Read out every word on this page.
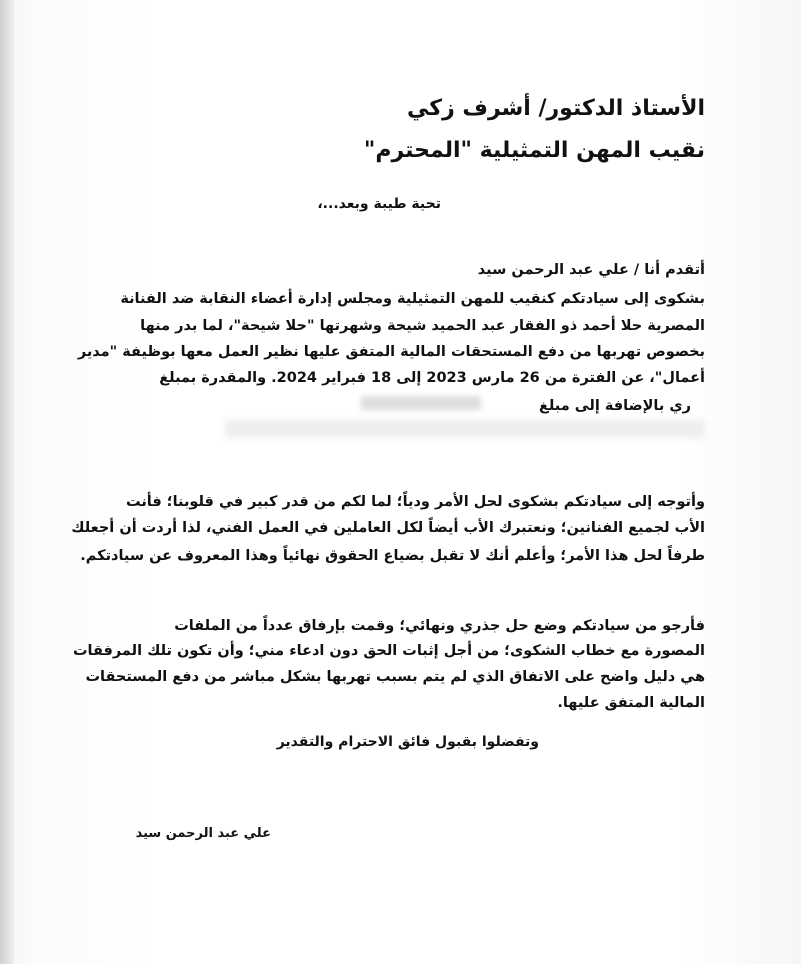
الأستاذ الدكتور/ أشرف زكي
نقيب المهن التمثيلية "المحترم"
تحية طيبة وبعد...،
أتقدم أنا / علي عبد الرحمن سيد
بشكوى إلى سيادتكم كنقيب للمهن التمثيلية ومجلس إدارة أعضاء النقابة ضد الفنانة
المصرية حلا أحمد ذو الفقار عبد الحميد شيحة وشهرتها "حلا شيحة"، لما بدر منها
بخصوص تهربها من دفع المستحقات المالية المتفق عليها نظير العمل معها بوظيفة "مدير
أعمال"، عن الفترة من 26 مارس 2023 إلى 18 فبراير 2024. والمقدرة بمبلغ
ري بالإضافة إلى مبلغ
وأتوجه إلى سيادتكم بشكوى لحل الأمر ودياً؛ لما لكم من قدر كبير في قلوبنا؛ فأنت
الأب لجميع الفنانين؛ ونعتبرك الأب أيضاً لكل العاملين في العمل الفني، لذا أردت أن أجعلك
طرفاً لحل هذا الأمر؛ وأعلم أنك لا تقبل بضياع الحقوق نهائياً وهذا المعروف عن سيادتكم.
فأرجو من سيادتكم وضع حل جذري ونهائي؛ وقمت بإرفاق عدداً من الملفات
المصورة مع خطاب الشكوى؛ من أجل إثبات الحق دون ادعاء مني؛ وأن تكون تلك المرفقات
هي دليل واضح على الاتفاق الذي لم يتم بسبب تهربها بشكل مباشر من دفع المستحقات
المالية المتفق عليها.
وتفضلوا بقبول فائق الاحترام والتقدير
علي عبد الرحمن سيد
